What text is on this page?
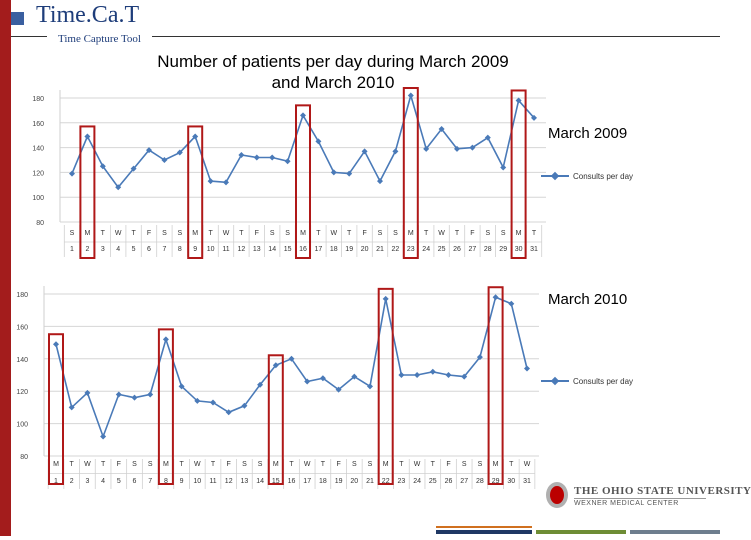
Time.Ca.T
Time Capture Tool
Number of patients per day during March 2009 and March 2010
80
100
120
140
160
180
S M T W T F S S M T W T F S S M T W T F S S M T W T F S S M T
1 2 3 4 5 6 7 8 9 10 11 12 13 14 15 16 17 18 19 20 21 22 23 24 25 26 27 28 29 30 31
80
100
120
140
160
180
M T W T F S S M T W T F S S M T W T F S S M T W T F S S M T W
1 2 3 4 5 6 7 8 9 10 11 12 13 14 15 16 17 18 19 20 21 22 23 24 25 26 27 28 29 30 31
March 2009
Consults per day
March 2010
Consults per day
THE OHIO STATE UNIVERSITY
WEXNER MEDICAL CENTER
